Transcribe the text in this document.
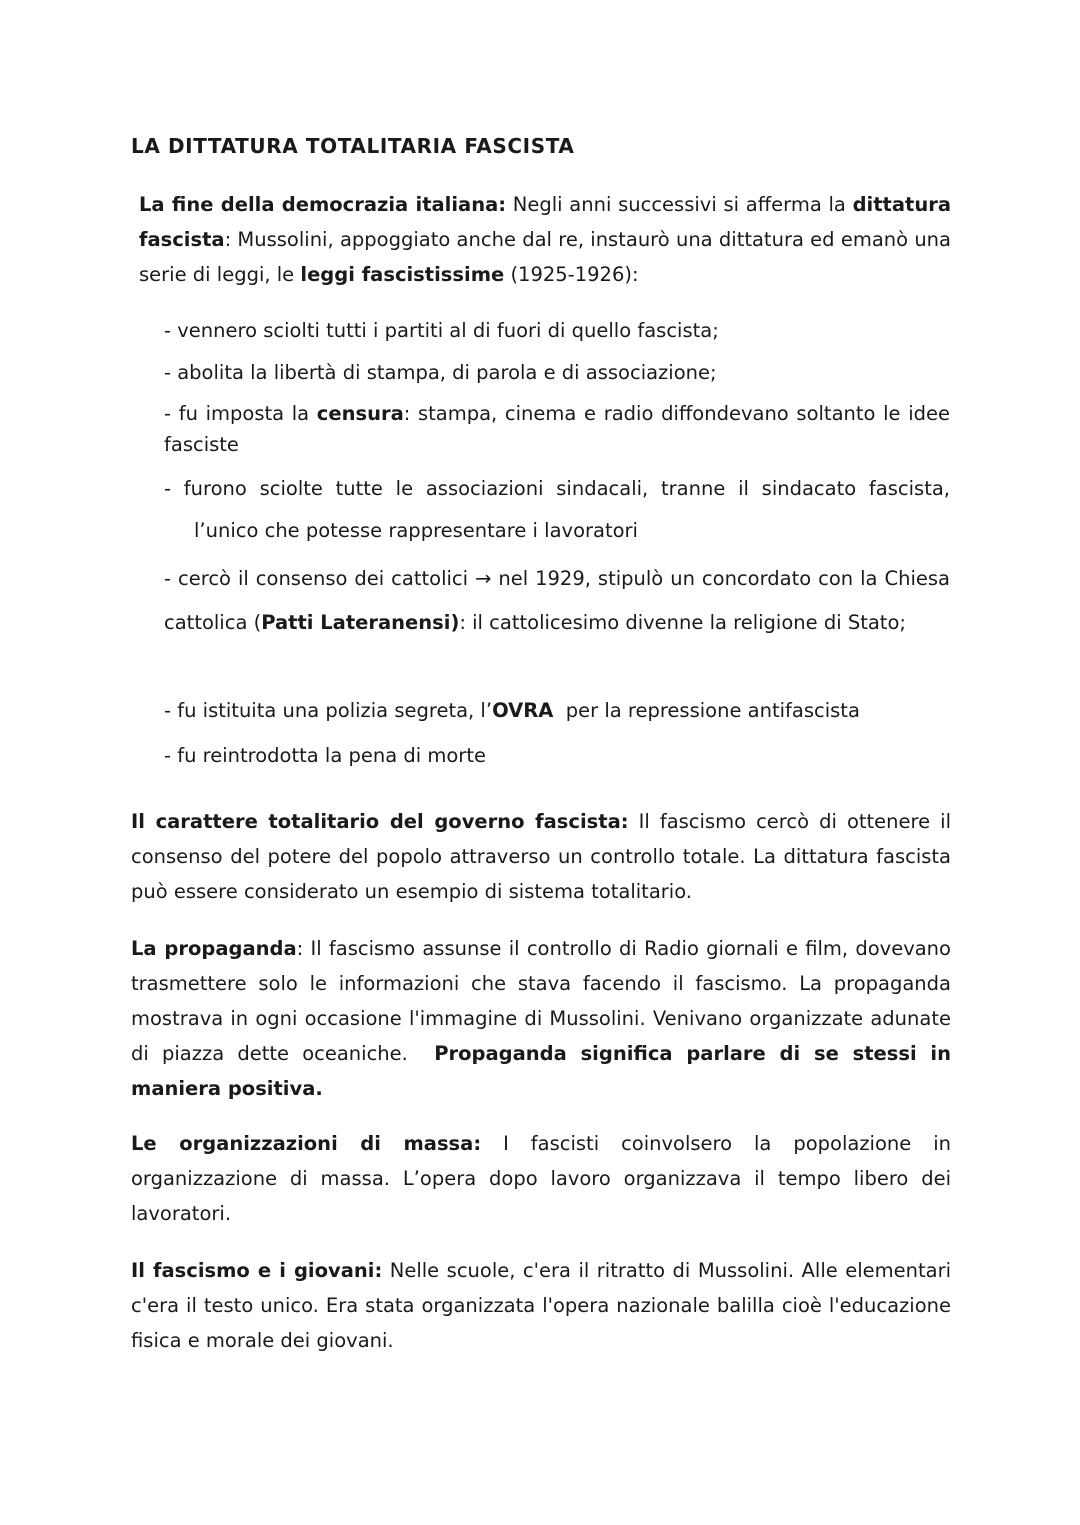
LA DITTATURA TOTALITARIA FASCISTA

La fine della democrazia italiana: Negli anni successivi si afferma la dittatura fascista: Mussolini, appoggiato anche dal re, instaurò una dittatura ed emanò una serie di leggi, le leggi fascistissime (1925-1926):

- vennero sciolti tutti i partiti al di fuori di quello fascista;

- abolita la libertà di stampa, di parola e di associazione;

- fu imposta la censura: stampa, cinema e radio diffondevano soltanto le idee fasciste

- furono sciolte tutte le associazioni sindacali, tranne il sindacato fascista,

l’unico che potesse rappresentare i lavoratori

- cercò il consenso dei cattolici → nel 1929, stipulò un concordato con la Chiesa cattolica (Patti Lateranensi): il cattolicesimo divenne la religione di Stato;

- fu istituita una polizia segreta, l’OVRA  per la repressione antifascista

- fu reintrodotta la pena di morte

Il carattere totalitario del governo fascista: Il fascismo cercò di ottenere il consenso del potere del popolo attraverso un controllo totale. La dittatura fascista può essere considerato un esempio di sistema totalitario.

La propaganda: Il fascismo assunse il controllo di Radio giornali e film, dovevano trasmettere solo le informazioni che stava facendo il fascismo. La propaganda mostrava in ogni occasione l'immagine di Mussolini. Venivano organizzate adunate di piazza dette oceaniche.  Propaganda significa parlare di se stessi in maniera positiva.

Le organizzazioni di massa: I fascisti coinvolsero la popolazione in organizzazione di massa. L’opera dopo lavoro organizzava il tempo libero dei lavoratori.

Il fascismo e i giovani: Nelle scuole, c'era il ritratto di Mussolini. Alle elementari c'era il testo unico. Era stata organizzata l'opera nazionale balilla cioè l'educazione fisica e morale dei giovani.
